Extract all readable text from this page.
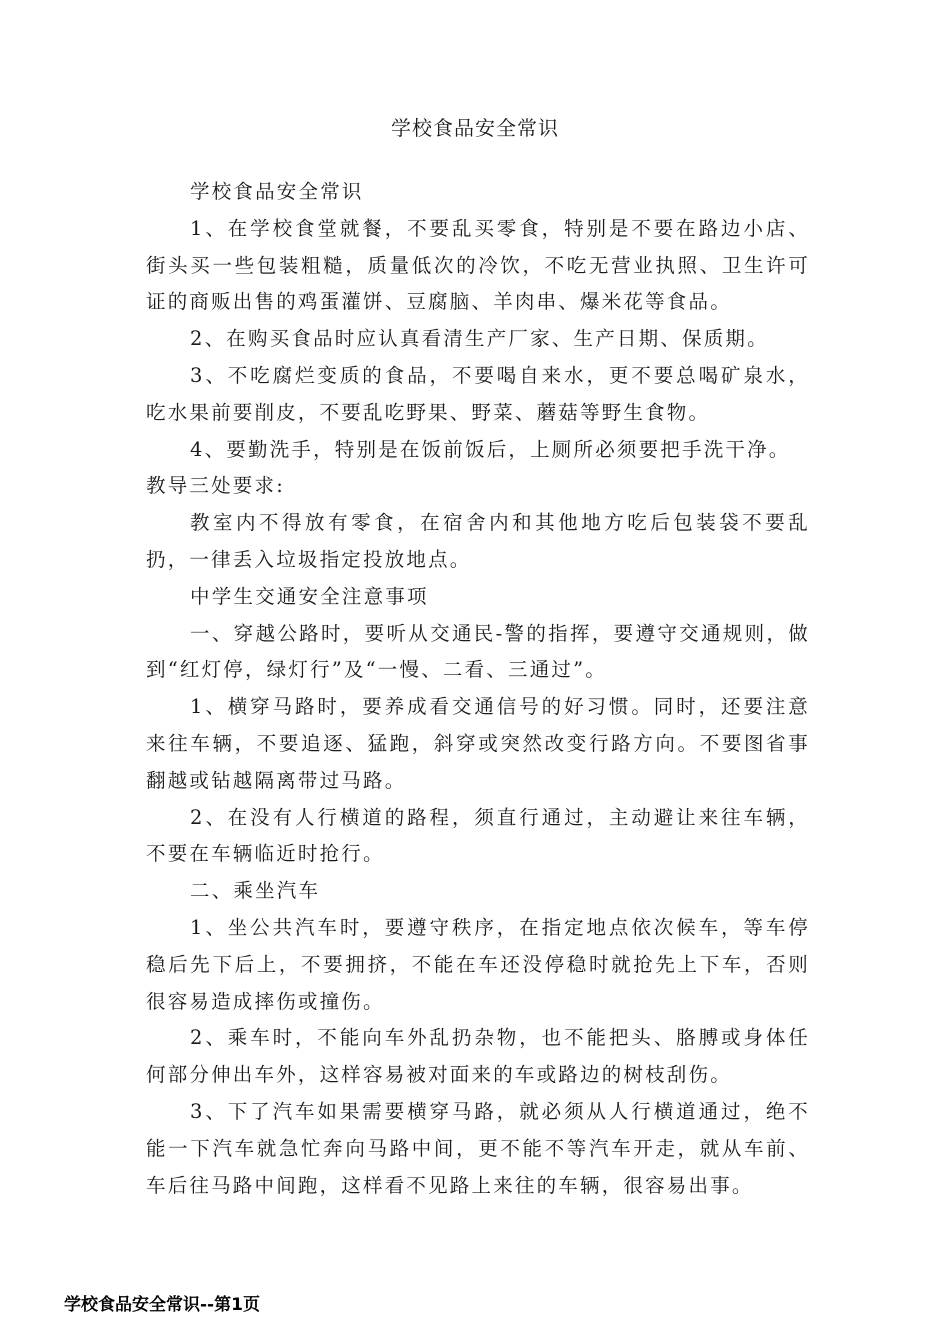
学校食品安全常识

学校食品安全常识

1、在学校食堂就餐，不要乱买零食，特别是不要在路边小店、街头买一些包装粗糙，质量低次的冷饮，不吃无营业执照、卫生许可证的商贩出售的鸡蛋灌饼、豆腐脑、羊肉串、爆米花等食品。

2、在购买食品时应认真看清生产厂家、生产日期、保质期。

3、不吃腐烂变质的食品，不要喝自来水，更不要总喝矿泉水，吃水果前要削皮，不要乱吃野果、野菜、蘑菇等野生食物。

4、要勤洗手，特别是在饭前饭后，上厕所必须要把手洗干净。

教导三处要求:

教室内不得放有零食，在宿舍内和其他地方吃后包装袋不要乱扔，一律丢入垃圾指定投放地点。

中学生交通安全注意事项

一、穿越公路时，要听从交通民-警的指挥，要遵守交通规则，做到“红灯停，绿灯行”及“一慢、二看、三通过”。

1、横穿马路时，要养成看交通信号的好习惯。同时，还要注意来往车辆，不要追逐、猛跑，斜穿或突然改变行路方向。不要图省事翻越或钻越隔离带过马路。

2、在没有人行横道的路程，须直行通过，主动避让来往车辆，不要在车辆临近时抢行。

二、乘坐汽车

1、坐公共汽车时，要遵守秩序，在指定地点依次候车，等车停稳后先下后上，不要拥挤，不能在车还没停稳时就抢先上下车，否则很容易造成摔伤或撞伤。

2、乘车时，不能向车外乱扔杂物，也不能把头、胳膊或身体任何部分伸出车外，这样容易被对面来的车或路边的树枝刮伤。

3、下了汽车如果需要横穿马路，就必须从人行横道通过，绝不能一下汽车就急忙奔向马路中间，更不能不等汽车开走，就从车前、车后往马路中间跑，这样看不见路上来往的车辆，很容易出事。

学校食品安全常识--第1页
